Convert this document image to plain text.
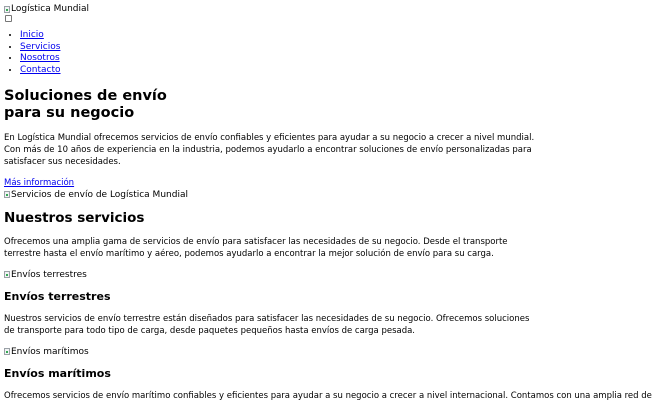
Logística Mundial
• Inicio
• Servicios
• Nosotros
• Contacto
Soluciones de envío
para su negocio

En Logística Mundial ofrecemos servicios de envío confiables y eficientes para ayudar a su negocio a crecer a nivel mundial. Con más de 10 años de experiencia en la industria, podemos ayudarlo a encontrar soluciones de envío personalizadas para satisfacer sus necesidades.

Más información
Servicios de envío de Logística Mundial
Nuestros servicios

Ofrecemos una amplia gama de servicios de envío para satisfacer las necesidades de su negocio. Desde el transporte terrestre hasta el envío marítimo y aéreo, podemos ayudarlo a encontrar la mejor solución de envío para su carga.

Envíos terrestres
Envíos terrestres

Nuestros servicios de envío terrestre están diseñados para satisfacer las necesidades de su negocio. Ofrecemos soluciones de transporte para todo tipo de carga, desde paquetes pequeños hasta envíos de carga pesada.

Envíos marítimos
Envíos marítimos

Ofrecemos servicios de envío marítimo confiables y eficientes para ayudar a su negocio a crecer a nivel internacional. Contamos con una amplia red de
